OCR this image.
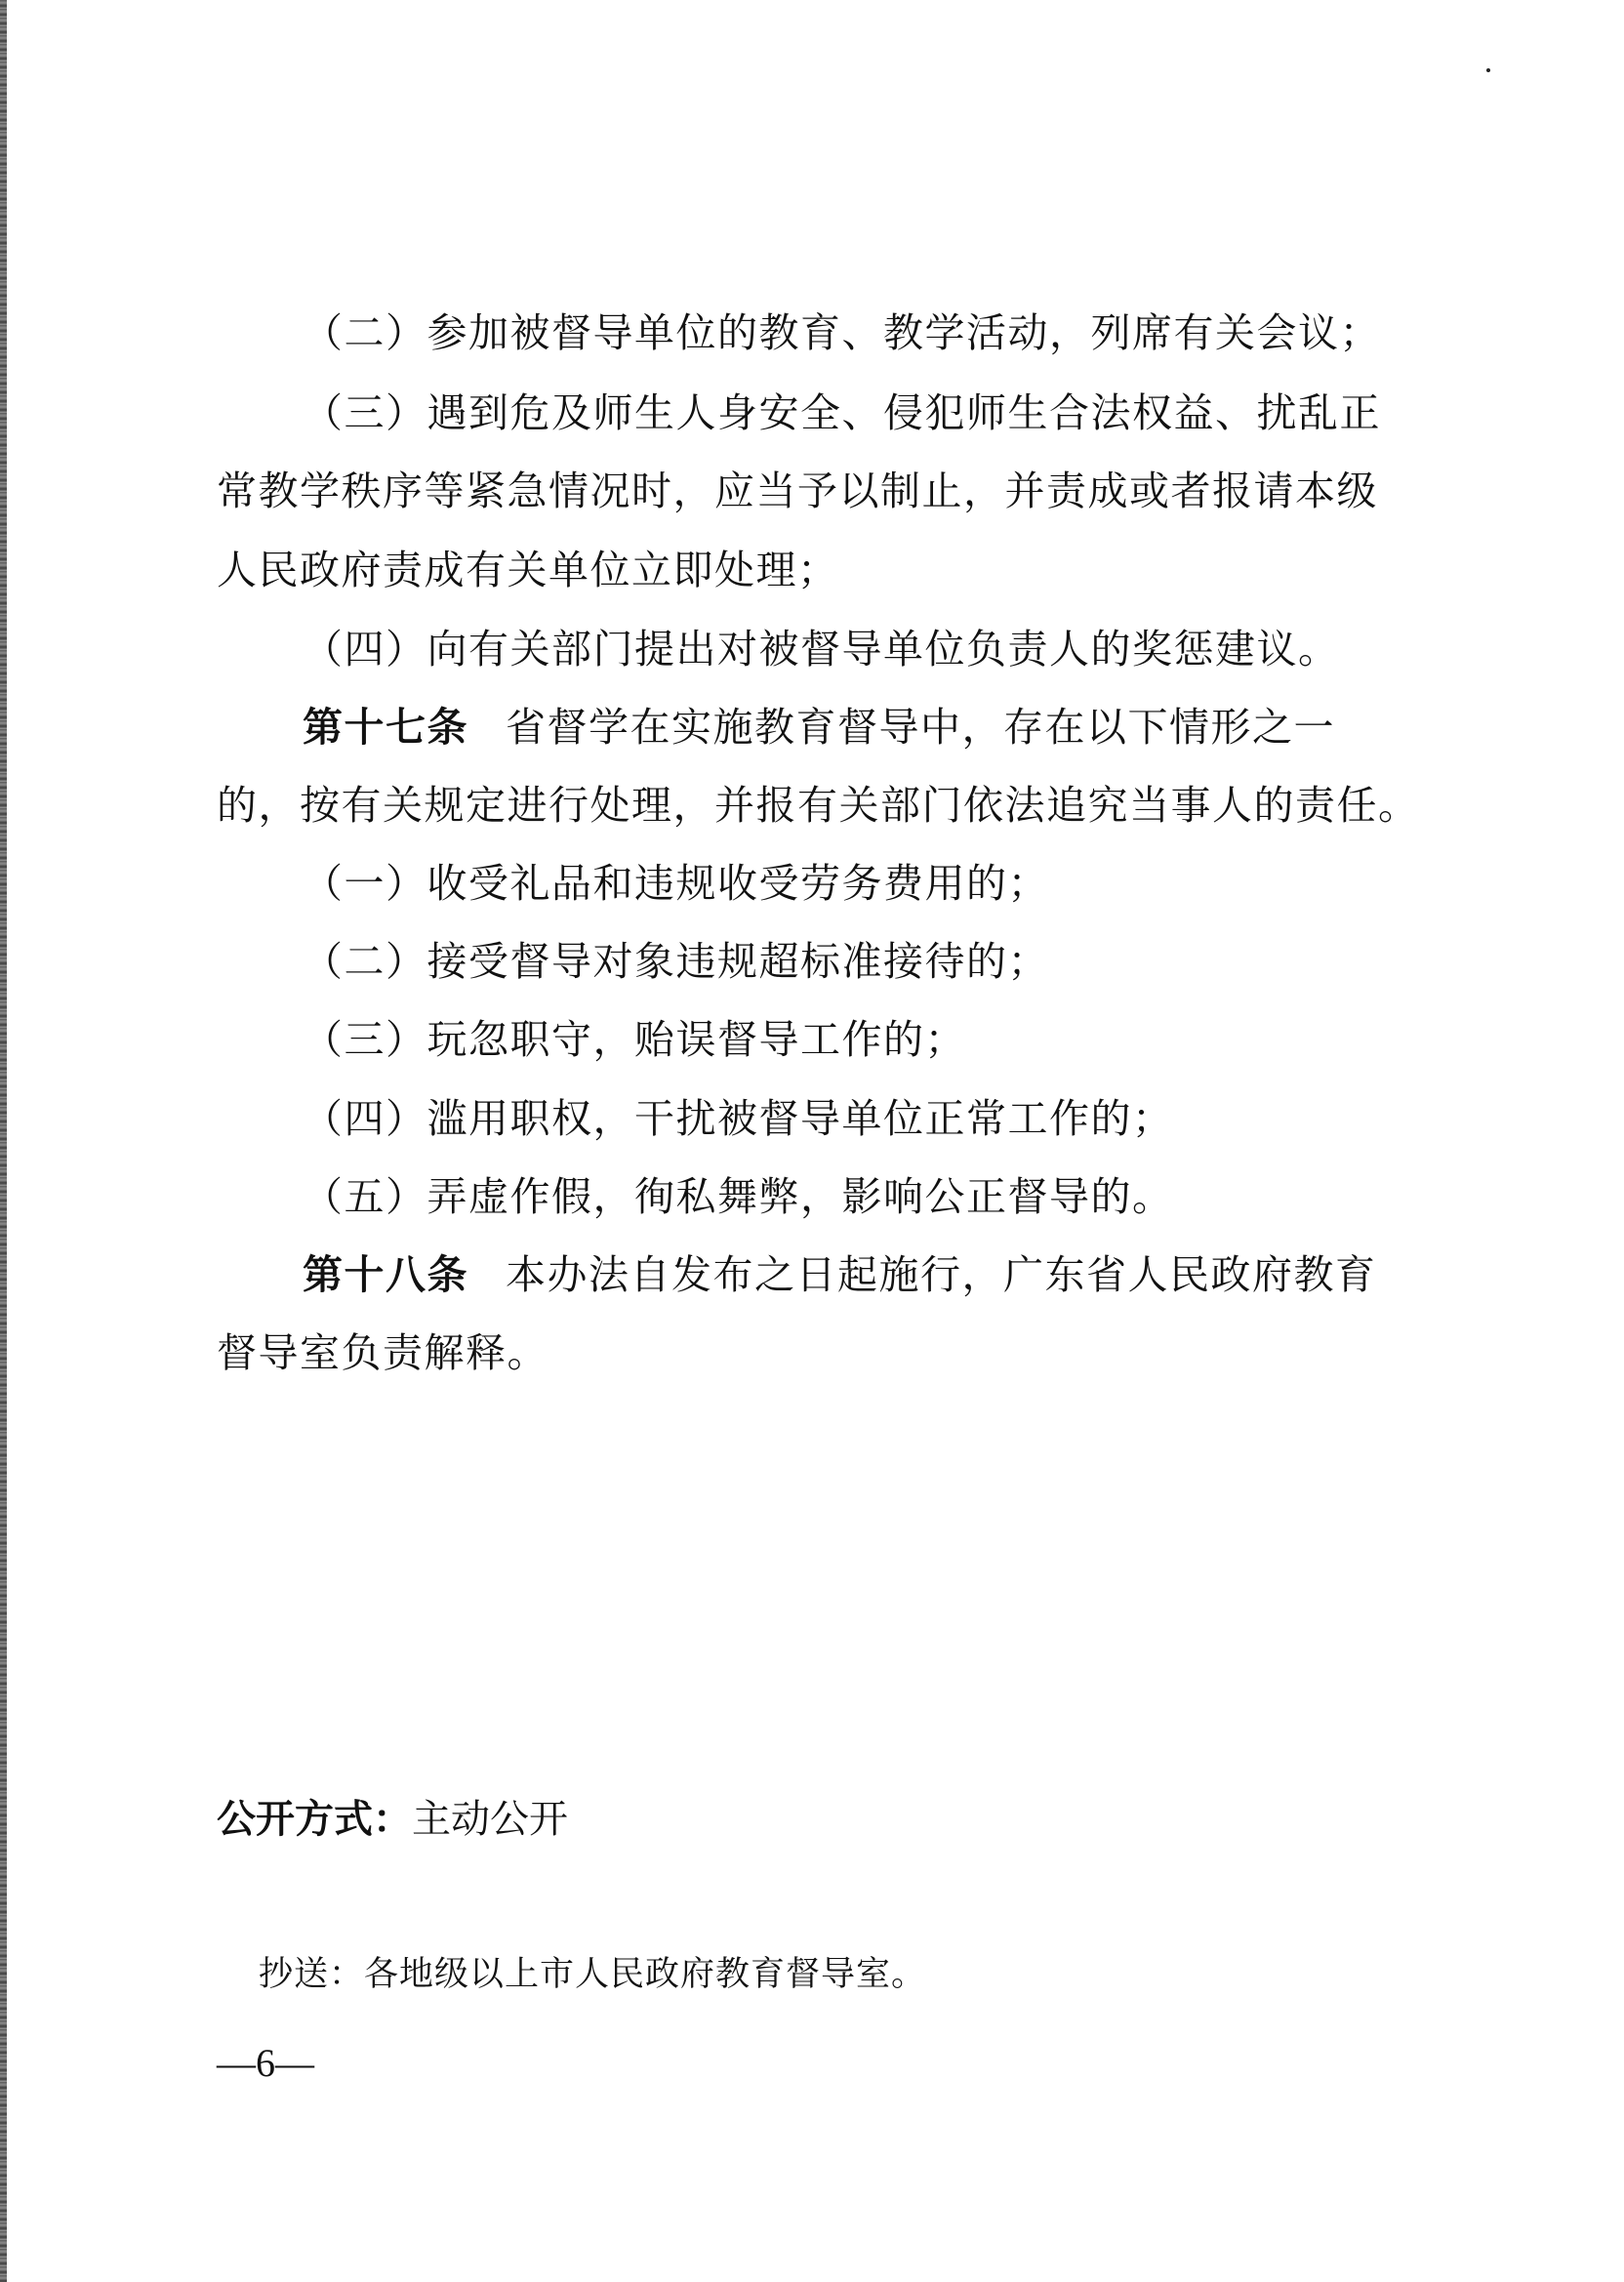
（二）参加被督导单位的教育、教学活动，列席有关会议；
（三）遇到危及师生人身安全、侵犯师生合法权益、扰乱正
常教学秩序等紧急情况时，应当予以制止，并责成或者报请本级
人民政府责成有关单位立即处理；
（四）向有关部门提出对被督导单位负责人的奖惩建议。
第十七条 省督学在实施教育督导中，存在以下情形之一
的，按有关规定进行处理，并报有关部门依法追究当事人的责任。
（一）收受礼品和违规收受劳务费用的；
（二）接受督导对象违规超标准接待的；
（三）玩忽职守，贻误督导工作的；
（四）滥用职权，干扰被督导单位正常工作的；
（五）弄虚作假，徇私舞弊，影响公正督导的。
第十八条 本办法自发布之日起施行，广东省人民政府教育
督导室负责解释。
公开方式：主动公开
抄送：各地级以上市人民政府教育督导室。
—6—
